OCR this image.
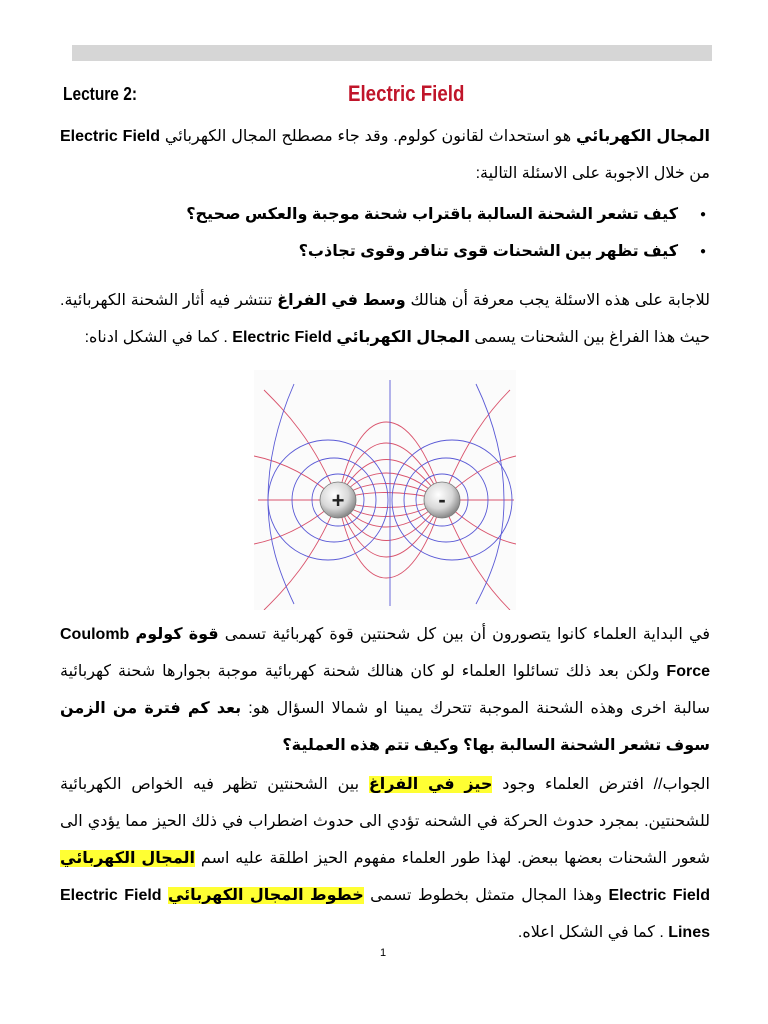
Lecture 2:	Electric Field
المجال الكهربائي هو استحداث لقانون كولوم. وقد جاء مصطلح المجال الكهربائي Electric Field من خلال الاجوبة على الاسئلة التالية:
كيف تشعر الشحنة السالبة باقتراب شحنة موجبة والعكس صحيح؟ ●
كيف تظهر بين الشحنات قوى تنافر وقوى تجاذب؟ ●
للاجابة على هذه الاسئلة يجب معرفة أن هنالك وسط في الفراغ تنتشر فيه أثار الشحنة الكهربائية. حيث هذا الفراغ بين الشحنات يسمى المجال الكهربائي Electric Field . كما في الشكل ادناه:
+	-
في البداية العلماء كانوا يتصورون أن بين كل شحنتين قوة كهربائية تسمى قوة كولوم Coulomb Force ولكن بعد ذلك تسائلوا العلماء لو كان هنالك شحنة كهربائية موجبة بجوارها شحنة كهربائية سالبة اخرى وهذه الشحنة الموجبة تتحرك يمينا او شمالا السؤال هو: بعد كم فترة من الزمن سوف تشعر الشحنة السالبة بها؟ وكيف تتم هذه العملية؟
الجواب// افترض العلماء وجود حيز في الفراغ بين الشحنتين تظهر فيه الخواص الكهربائية للشحنتين. بمجرد حدوث الحركة في الشحنه تؤدي الى حدوث اضطراب في ذلك الحيز مما يؤدي الى شعور الشحنات بعضها ببعض. لهذا طور العلماء مفهوم الحيز اطلقة عليه اسم المجال الكهربائي Electric Field وهذا المجال متمثل بخطوط تسمى خطوط المجال الكهربائي Electric Field Lines . كما في الشكل اعلاه.
1
